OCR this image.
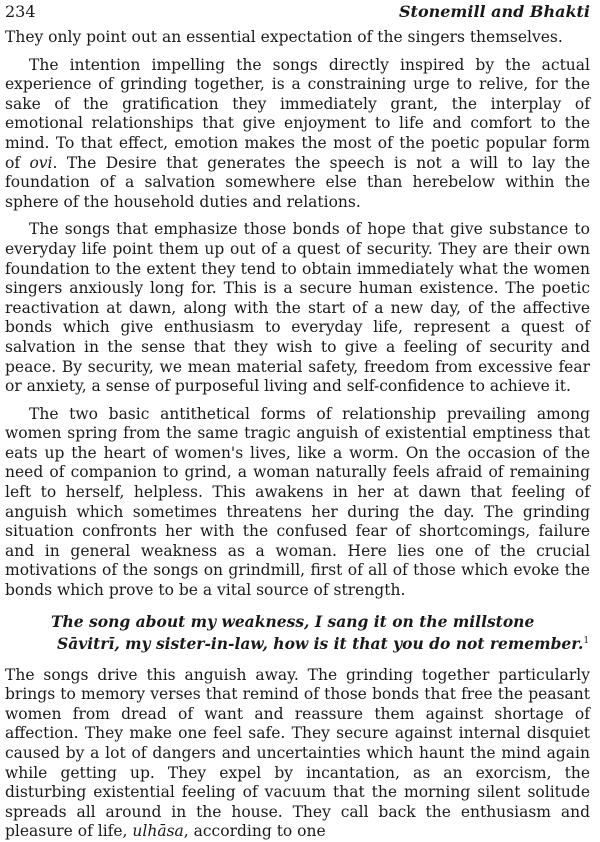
234	Stonemill and Bhakti

They only point out an essential expectation of the singers themselves.

The intention impelling the songs directly inspired by the actual experience of grinding together, is a constraining urge to relive, for the sake of the gratification they immediately grant, the interplay of emotional relationships that give enjoyment to life and comfort to the mind. To that effect, emotion makes the most of the poetic popular form of ovi. The Desire that generates the speech is not a will to lay the foundation of a salvation somewhere else than herebelow within the sphere of the household duties and relations.

The songs that emphasize those bonds of hope that give substance to everyday life point them up out of a quest of security. They are their own foundation to the extent they tend to obtain immediately what the women singers anxiously long for. This is a secure human existence. The poetic reactivation at dawn, along with the start of a new day, of the affective bonds which give enthusiasm to everyday life, represent a quest of salvation in the sense that they wish to give a feeling of security and peace. By security, we mean material safety, freedom from excessive fear or anxiety, a sense of purposeful living and self-confidence to achieve it.

The two basic antithetical forms of relationship prevailing among women spring from the same tragic anguish of existential emptiness that eats up the heart of women's lives, like a worm. On the occasion of the need of companion to grind, a woman naturally feels afraid of remaining left to herself, helpless. This awakens in her at dawn that feeling of anguish which sometimes threatens her during the day. The grinding situation confronts her with the confused fear of shortcomings, failure and in general weakness as a woman. Here lies one of the crucial motivations of the songs on grindmill, first of all of those which evoke the bonds which prove to be a vital source of strength.

The song about my weakness, I sang it on the millstone
Sāvitrī, my sister-in-law, how is it that you do not remember.$^1$

The songs drive this anguish away. The grinding together particularly brings to memory verses that remind of those bonds that free the peasant women from dread of want and reassure them against shortage of affection. They make one feel safe. They secure against internal disquiet caused by a lot of dangers and uncertainties which haunt the mind again while getting up. They expel by incantation, as an exorcism, the disturbing existential feeling of vacuum that the morning silent solitude spreads all around in the house. They call back the enthusiasm and pleasure of life, ulhāsa, according to one
